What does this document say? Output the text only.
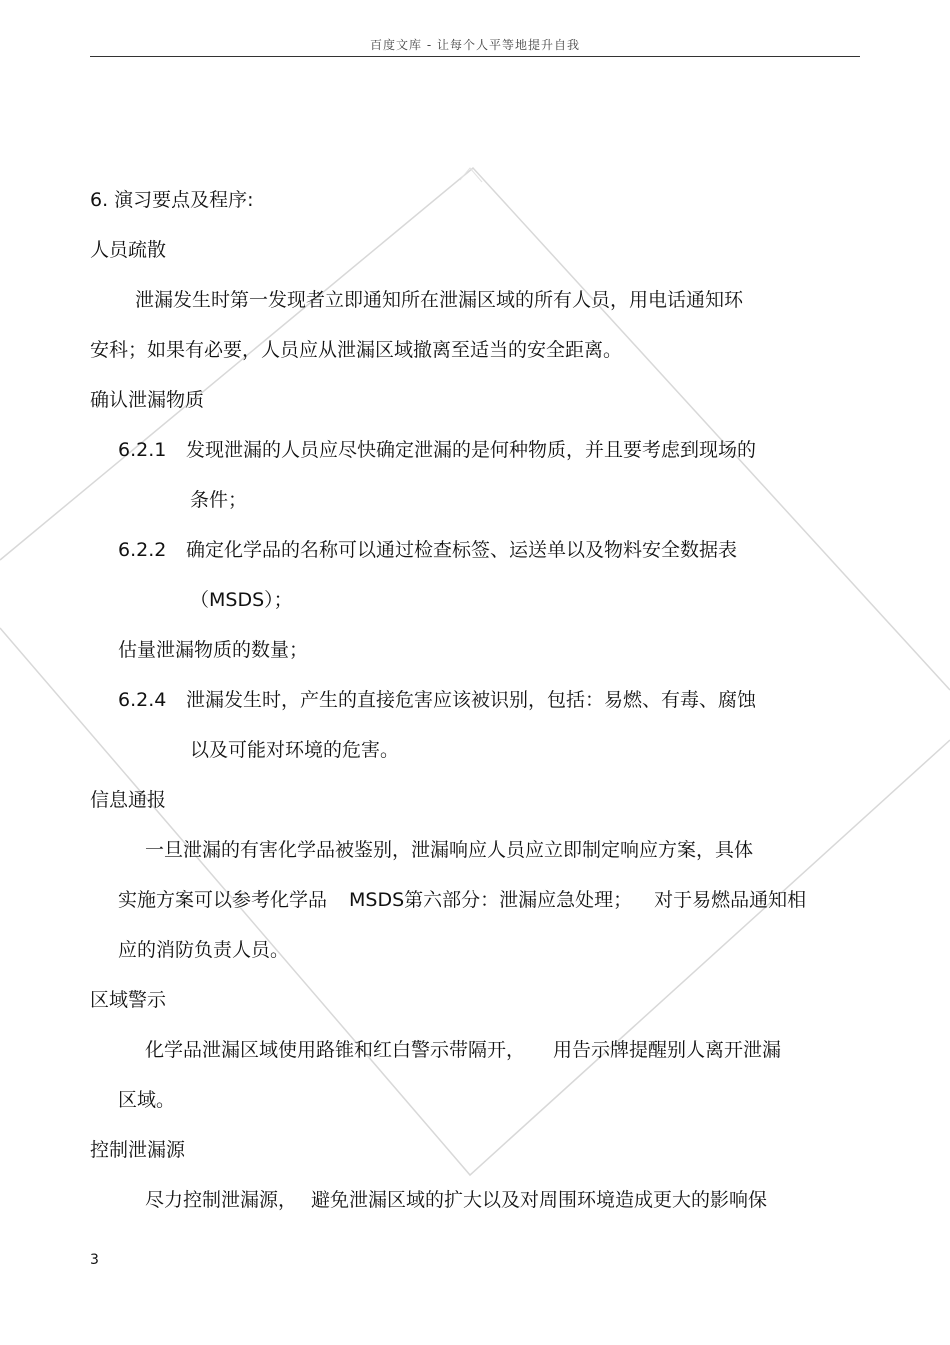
百度文库 - 让每个人平等地提升自我
6. 演习要点及程序:
人员疏散
泄漏发生时第一发现者立即通知所在泄漏区域的所有人员，用电话通知环
安科；如果有必要，人员应从泄漏区域撤离至适当的安全距离。
确认泄漏物质
6.2.1 发现泄漏的人员应尽快确定泄漏的是何种物质，并且要考虑到现场的
条件；
6.2.2 确定化学品的名称可以通过检查标签、运送单以及物料安全数据表
（MSDS）；
估量泄漏物质的数量；
6.2.4 泄漏发生时，产生的直接危害应该被识别，包括：易燃、有毒、腐蚀
以及可能对环境的危害。
信息通报
一旦泄漏的有害化学品被鉴别，泄漏响应人员应立即制定响应方案，具体
实施方案可以参考化学品 MSDS第六部分：泄漏应急处理； 对于易燃品通知相
应的消防负责人员。
区域警示
化学品泄漏区域使用路锥和红白警示带隔开， 用告示牌提醒别人离开泄漏
区域。
控制泄漏源
尽力控制泄漏源， 避免泄漏区域的扩大以及对周围环境造成更大的影响保
3
